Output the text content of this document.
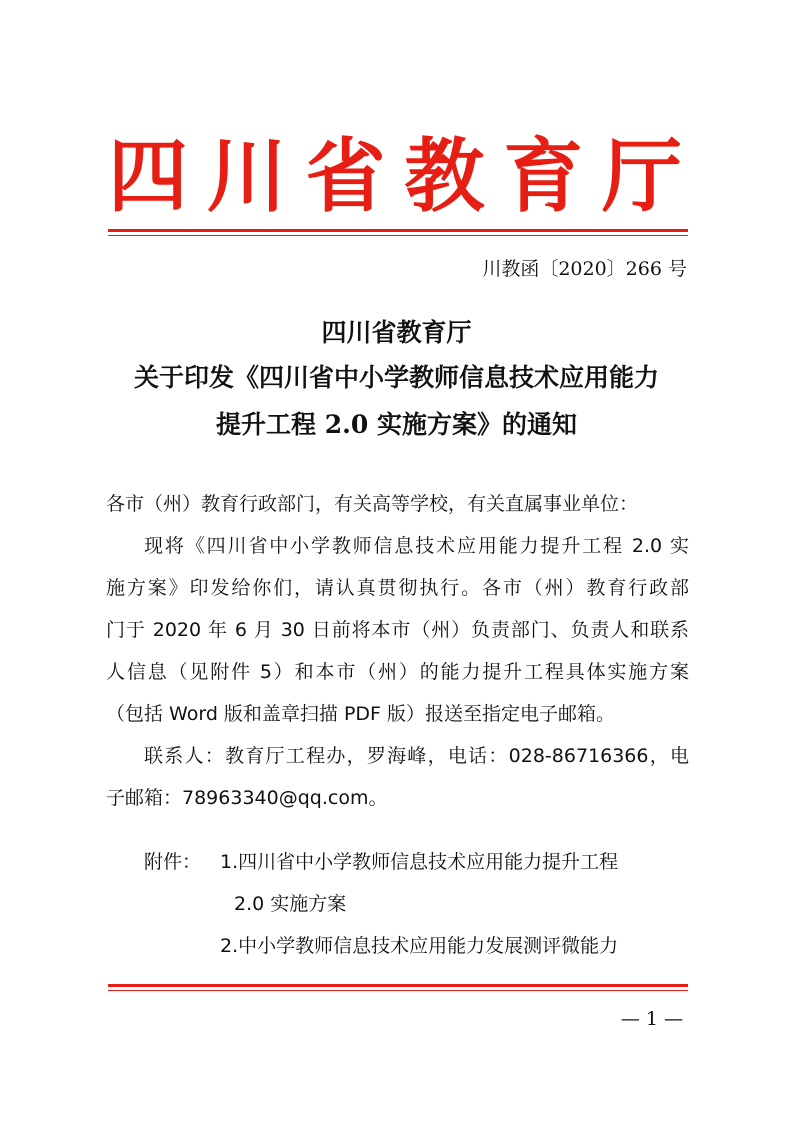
四川省教育厅
川教函〔2020〕266 号
四川省教育厅
关于印发《四川省中小学教师信息技术应用能力
提升工程 2.0 实施方案》的通知
各市（州）教育行政部门，有关高等学校，有关直属事业单位：
现将《四川省中小学教师信息技术应用能力提升工程 2.0 实
施方案》印发给你们，请认真贯彻执行。各市（州）教育行政部
门于 2020 年 6 月 30 日前将本市（州）负责部门、负责人和联系
人信息（见附件 5）和本市（州）的能力提升工程具体实施方案
（包括 Word 版和盖章扫描 PDF 版）报送至指定电子邮箱。
联系人：教育厅工程办，罗海峰，电话：028-86716366，电
子邮箱：78963340@qq.com。
附件： 1.四川省中小学教师信息技术应用能力提升工程
2.0 实施方案
2.中小学教师信息技术应用能力发展测评微能力
— 1 —
